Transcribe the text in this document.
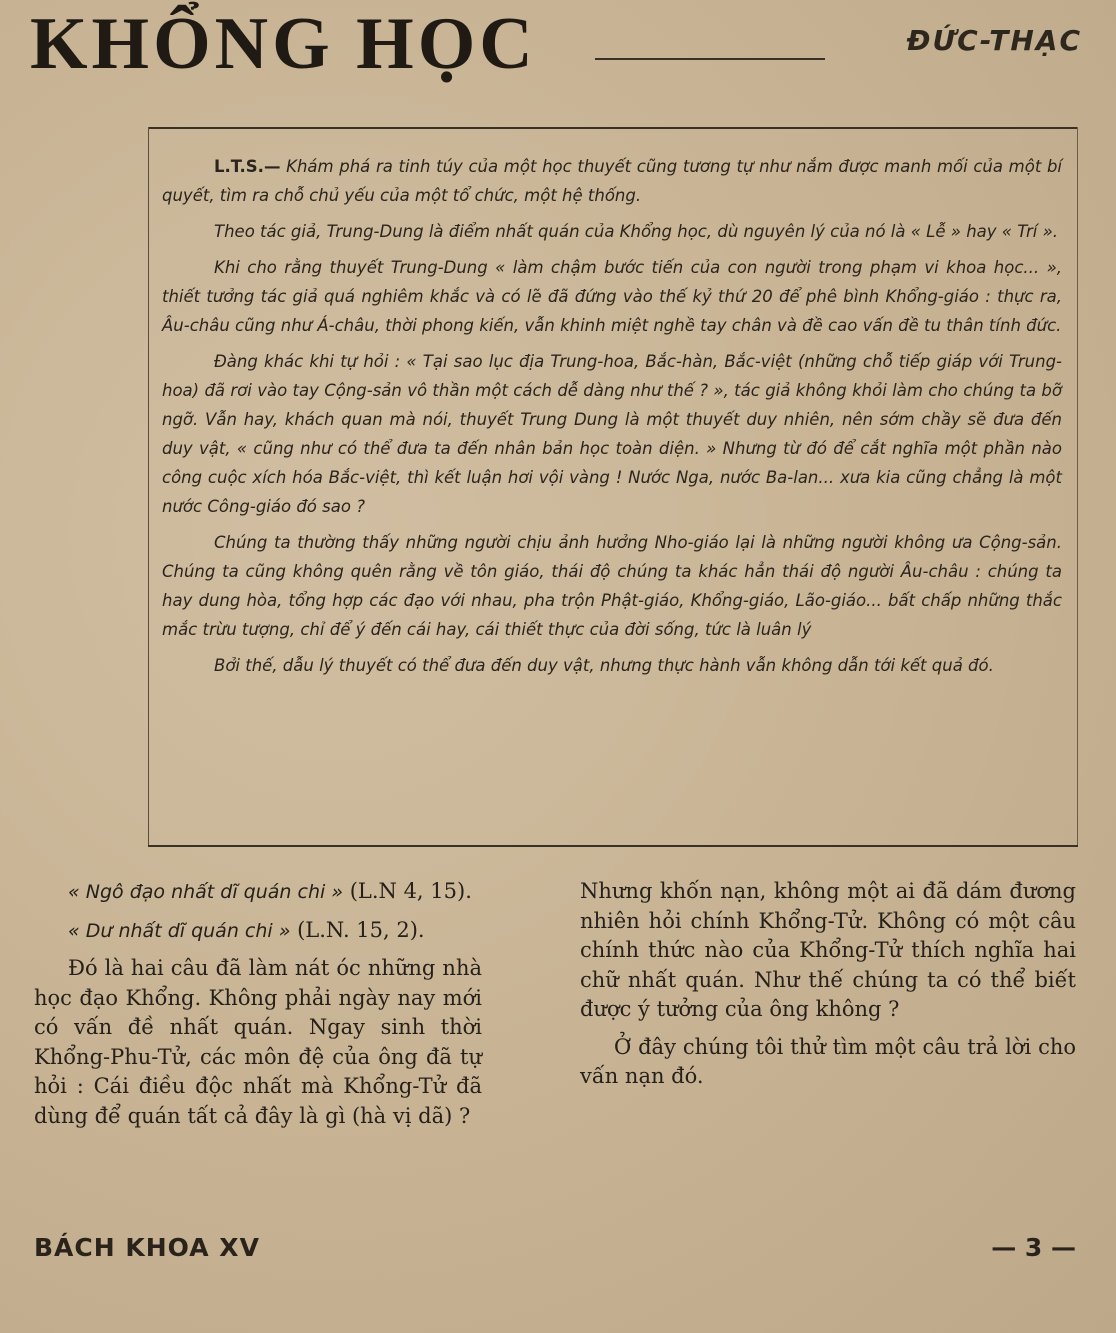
KHỔNG HỌC	ĐỨC-THẠC

L.T.S.— Khám phá ra tinh túy của một học thuyết cũng tương tự như nắm được manh mối của một bí quyết, tìm ra chỗ chủ yếu của một tổ chức, một hệ thống.

Theo tác giả, Trung-Dung là điểm nhất quán của Khổng học, dù nguyên lý của nó là « Lễ » hay « Trí ».

Khi cho rằng thuyết Trung-Dung « làm chậm bước tiến của con người trong phạm vi khoa học... », thiết tưởng tác giả quá nghiêm khắc và có lẽ đã đứng vào thế kỷ thứ 20 để phê bình Khổng-giáo : thực ra, Âu-châu cũng như Á-châu, thời phong kiến, vẫn khinh miệt nghề tay chân và đề cao vấn đề tu thân tính đức.

Đàng khác khi tự hỏi : « Tại sao lục địa Trung-hoa, Bắc-hàn, Bắc-việt (những chỗ tiếp giáp với Trung-hoa) đã rơi vào tay Cộng-sản vô thần một cách dễ dàng như thế ? », tác giả không khỏi làm cho chúng ta bỡ ngỡ. Vẫn hay, khách quan mà nói, thuyết Trung Dung là một thuyết duy nhiên, nên sớm chầy sẽ đưa đến duy vật, « cũng như có thể đưa ta đến nhân bản học toàn diện. » Nhưng từ đó để cắt nghĩa một phần nào công cuộc xích hóa Bắc-việt, thì kết luận hơi vội vàng ! Nước Nga, nước Ba-lan... xưa kia cũng chẳng là một nước Công-giáo đó sao ?

Chúng ta thường thấy những người chịu ảnh hưởng Nho-giáo lại là những người không ưa Cộng-sản. Chúng ta cũng không quên rằng về tôn giáo, thái độ chúng ta khác hẳn thái độ người Âu-châu : chúng ta hay dung hòa, tổng hợp các đạo với nhau, pha trộn Phật-giáo, Khổng-giáo, Lão-giáo... bất chấp những thắc mắc trừu tượng, chỉ để ý đến cái hay, cái thiết thực của đời sống, tức là luân lý

Bởi thế, dẫu lý thuyết có thể đưa đến duy vật, nhưng thực hành vẫn không dẫn tới kết quả đó.

« Ngô đạo nhất dĩ quán chi » (L.N 4, 15).

« Dư nhất dĩ quán chi » (L.N. 15, 2).

Đó là hai câu đã làm nát óc những nhà học đạo Khổng. Không phải ngày nay mới có vấn đề nhất quán. Ngay sinh thời Khổng-Phu-Tử, các môn đệ của ông đã tự hỏi : Cái điều độc nhất mà Khổng-Tử đã dùng để quán tất cả đây là gì (hà vị dã) ?

Nhưng khốn nạn, không một ai đã dám đương nhiên hỏi chính Khổng-Tử. Không có một câu chính thức nào của Khổng-Tử thích nghĩa hai chữ nhất quán. Như thế chúng ta có thể biết được ý tưởng của ông không ?

Ở đây chúng tôi thử tìm một câu trả lời cho vấn nạn đó.

BÁCH KHOA XV	— 3 —
